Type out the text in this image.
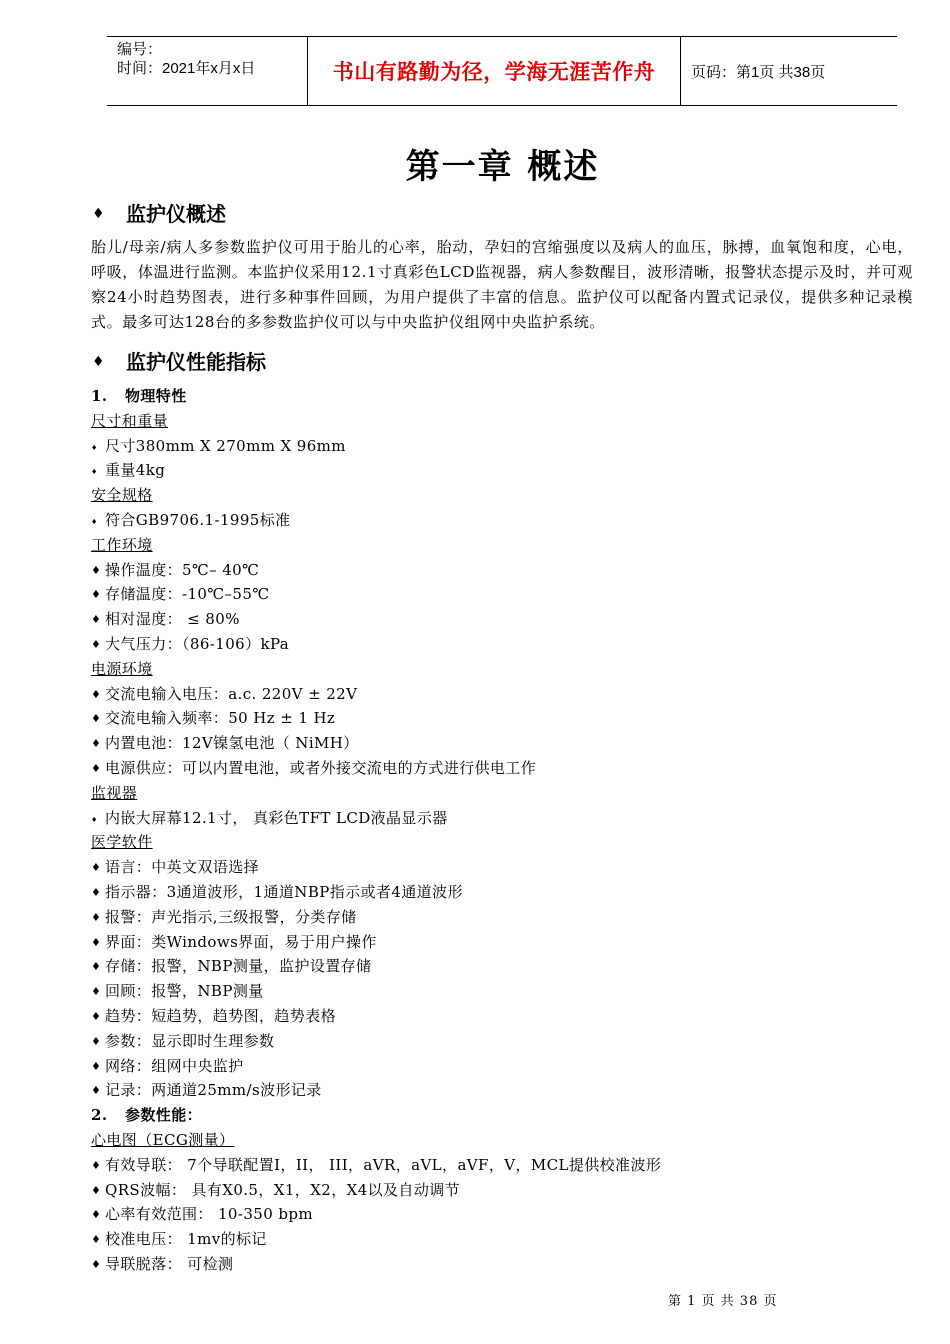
编号：
时间：2021年x月x日	书山有路勤为径，学海无涯苦作舟 页码：第1页 共38页
第一章 概述
♦ 监护仪概述

胎儿/母亲/病人多参数监护仪可用于胎儿的心率，胎动，孕妇的宫缩强度以及病人的血压，脉搏，血氧饱和度，心电，呼吸，体温进行监测。本监护仪采用12.1寸真彩色LCD监视器，病人参数醒目，波形清晰，报警状态提示及时，并可观察24小时趋势图表，进行多种事件回顾，为用户提供了丰富的信息。监护仪可以配备内置式记录仪，提供多种记录模式。最多可达128台的多参数监护仪可以与中央监护仪组网中央监护系统。

♦ 监护仪性能指标
1. 物理特性
尺寸和重量
♦ 尺寸380mm X 270mm X 96mm
♦ 重量4kg
安全规格
♦ 符合GB9706.1-1995标准
工作环境
♦ 操作温度：5℃– 40℃
♦ 存储温度：-10℃–55℃
♦ 相对湿度： ≤ 80%
♦ 大气压力：（86-106）kPa
电源环境
♦ 交流电输入电压：a.c. 220V ± 22V
♦ 交流电输入频率：50 Hz ± 1 Hz
♦ 内置电池：12V镍氢电池（ NiMH）
♦ 电源供应：可以内置电池，或者外接交流电的方式进行供电工作
监视器
♦ 内嵌大屏幕12.1寸， 真彩色TFT LCD液晶显示器
医学软件
♦ 语言：中英文双语选择
♦ 指示器：3通道波形，1通道NBP指示或者4通道波形
♦ 报警：声光指示,三级报警，分类存储
♦ 界面：类Windows界面，易于用户操作
♦ 存储：报警，NBP测量，监护设置存储
♦ 回顾：报警，NBP测量
♦ 趋势：短趋势，趋势图，趋势表格
♦ 参数：显示即时生理参数
♦ 网络：组网中央监护
♦ 记录：两通道25mm/s波形记录
2. 参数性能：
心电图（ECG测量）
♦ 有效导联： 7个导联配置I，II， III，aVR，aVL，aVF，V，MCL提供校准波形
♦ QRS波幅： 具有X0.5，X1，X2，X4以及自动调节
♦ 心率有效范围： 10-350 bpm
♦ 校准电压： 1mv的标记
♦ 导联脱落： 可检测
第 1 页 共 38 页
